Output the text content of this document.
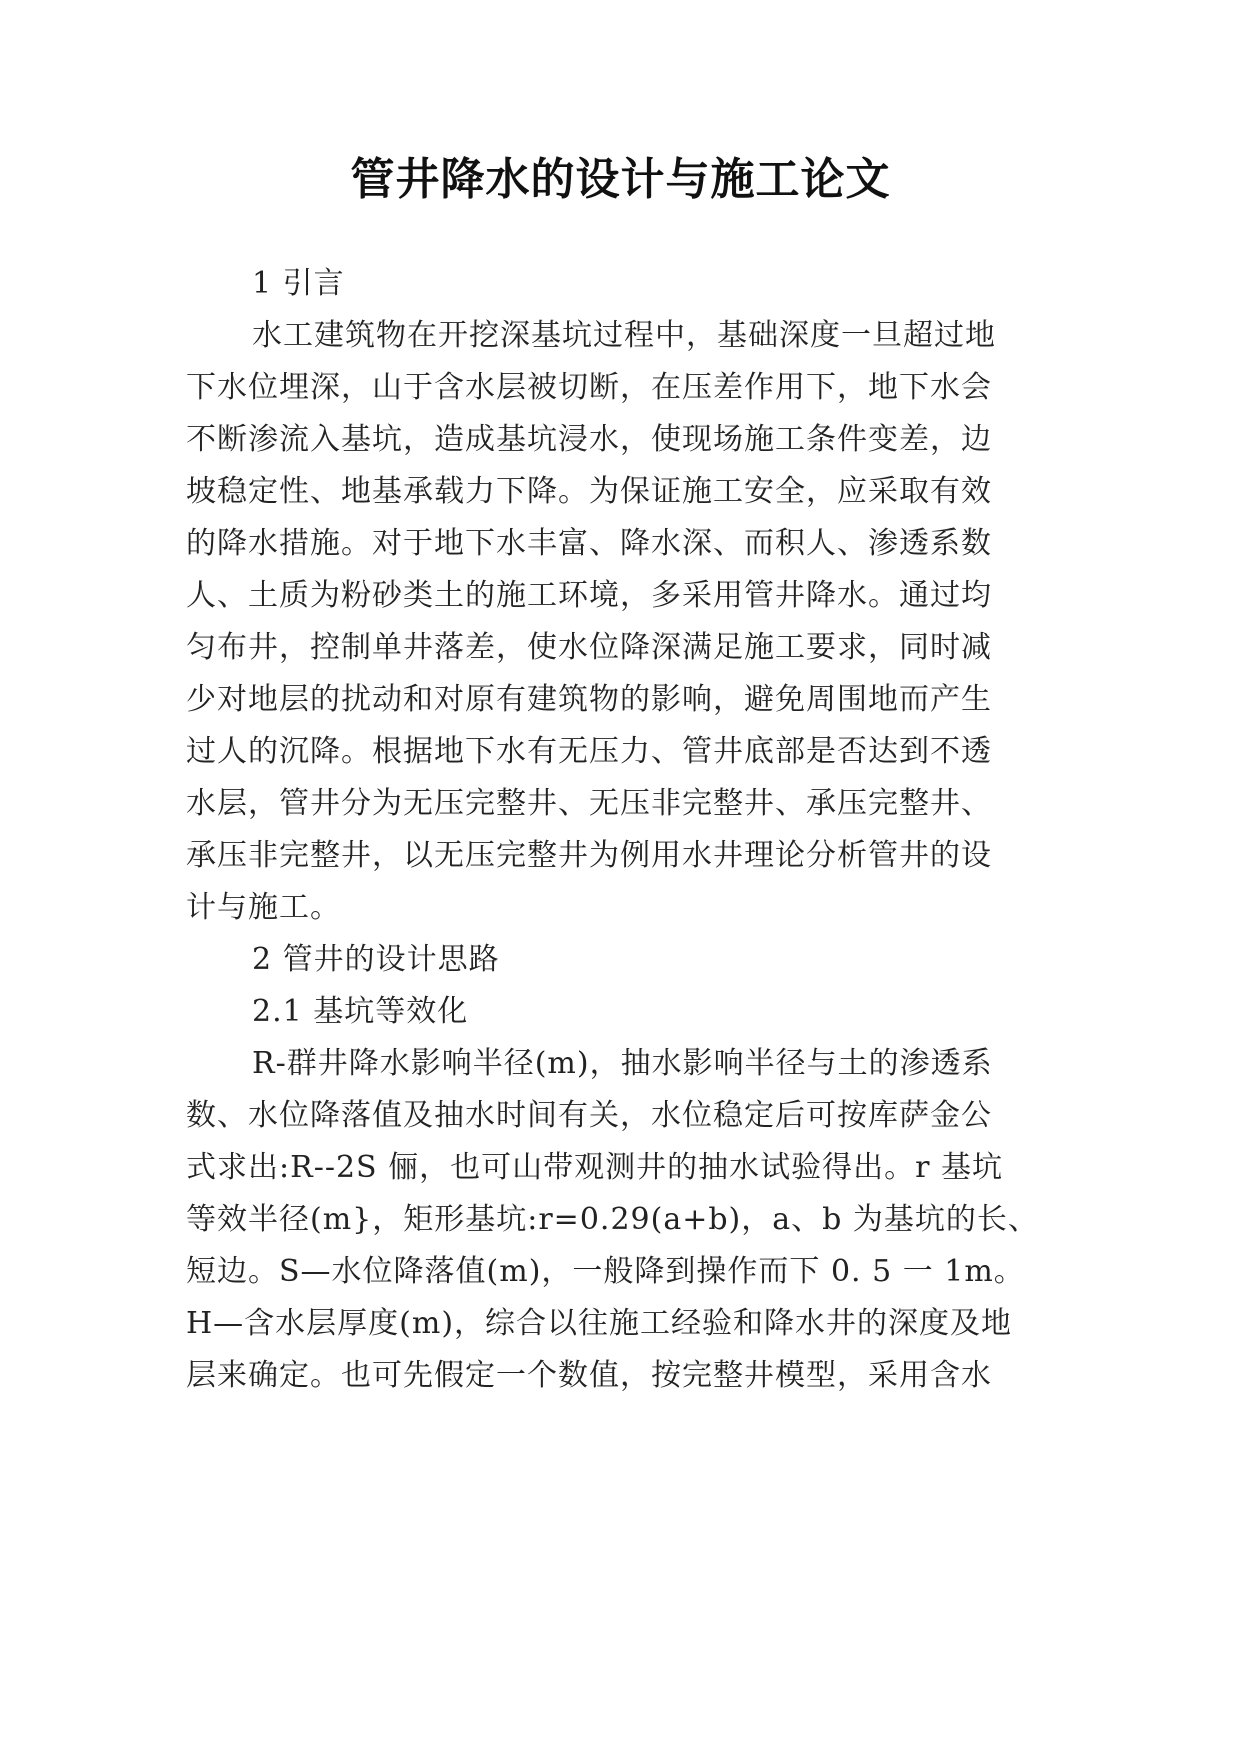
管井降水的设计与施工论文
1 引言
水工建筑物在开挖深基坑过程中，基础深度一旦超过地
下水位埋深，山于含水层被切断，在压差作用下，地下水会
不断渗流入基坑，造成基坑浸水，使现场施工条件变差，边
坡稳定性、地基承载力下降。为保证施工安全，应采取有效
的降水措施。对于地下水丰富、降水深、而积人、渗透系数
人、土质为粉砂类土的施工环境，多采用管井降水。通过均
匀布井，控制单井落差，使水位降深满足施工要求，同时减
少对地层的扰动和对原有建筑物的影响，避免周围地而产生
过人的沉降。根据地下水有无压力、管井底部是否达到不透
水层，管井分为无压完整井、无压非完整井、承压完整井、
承压非完整井，以无压完整井为例用水井理论分析管井的设
计与施工。
2 管井的设计思路
2.1 基坑等效化
R-群井降水影响半径(m)，抽水影响半径与土的渗透系
数、水位降落值及抽水时间有关，水位稳定后可按库萨金公
式求出:R--2S 俪，也可山带观测井的抽水试验得出。r 基坑
等效半径(m}，矩形基坑:r=0.29(a+b)，a、b 为基坑的长、
短边。S—水位降落值(m)，一般降到操作而下 0. 5 一 1m。
H—含水层厚度(m)，综合以往施工经验和降水井的深度及地
层来确定。也可先假定一个数值，按完整井模型，采用含水
